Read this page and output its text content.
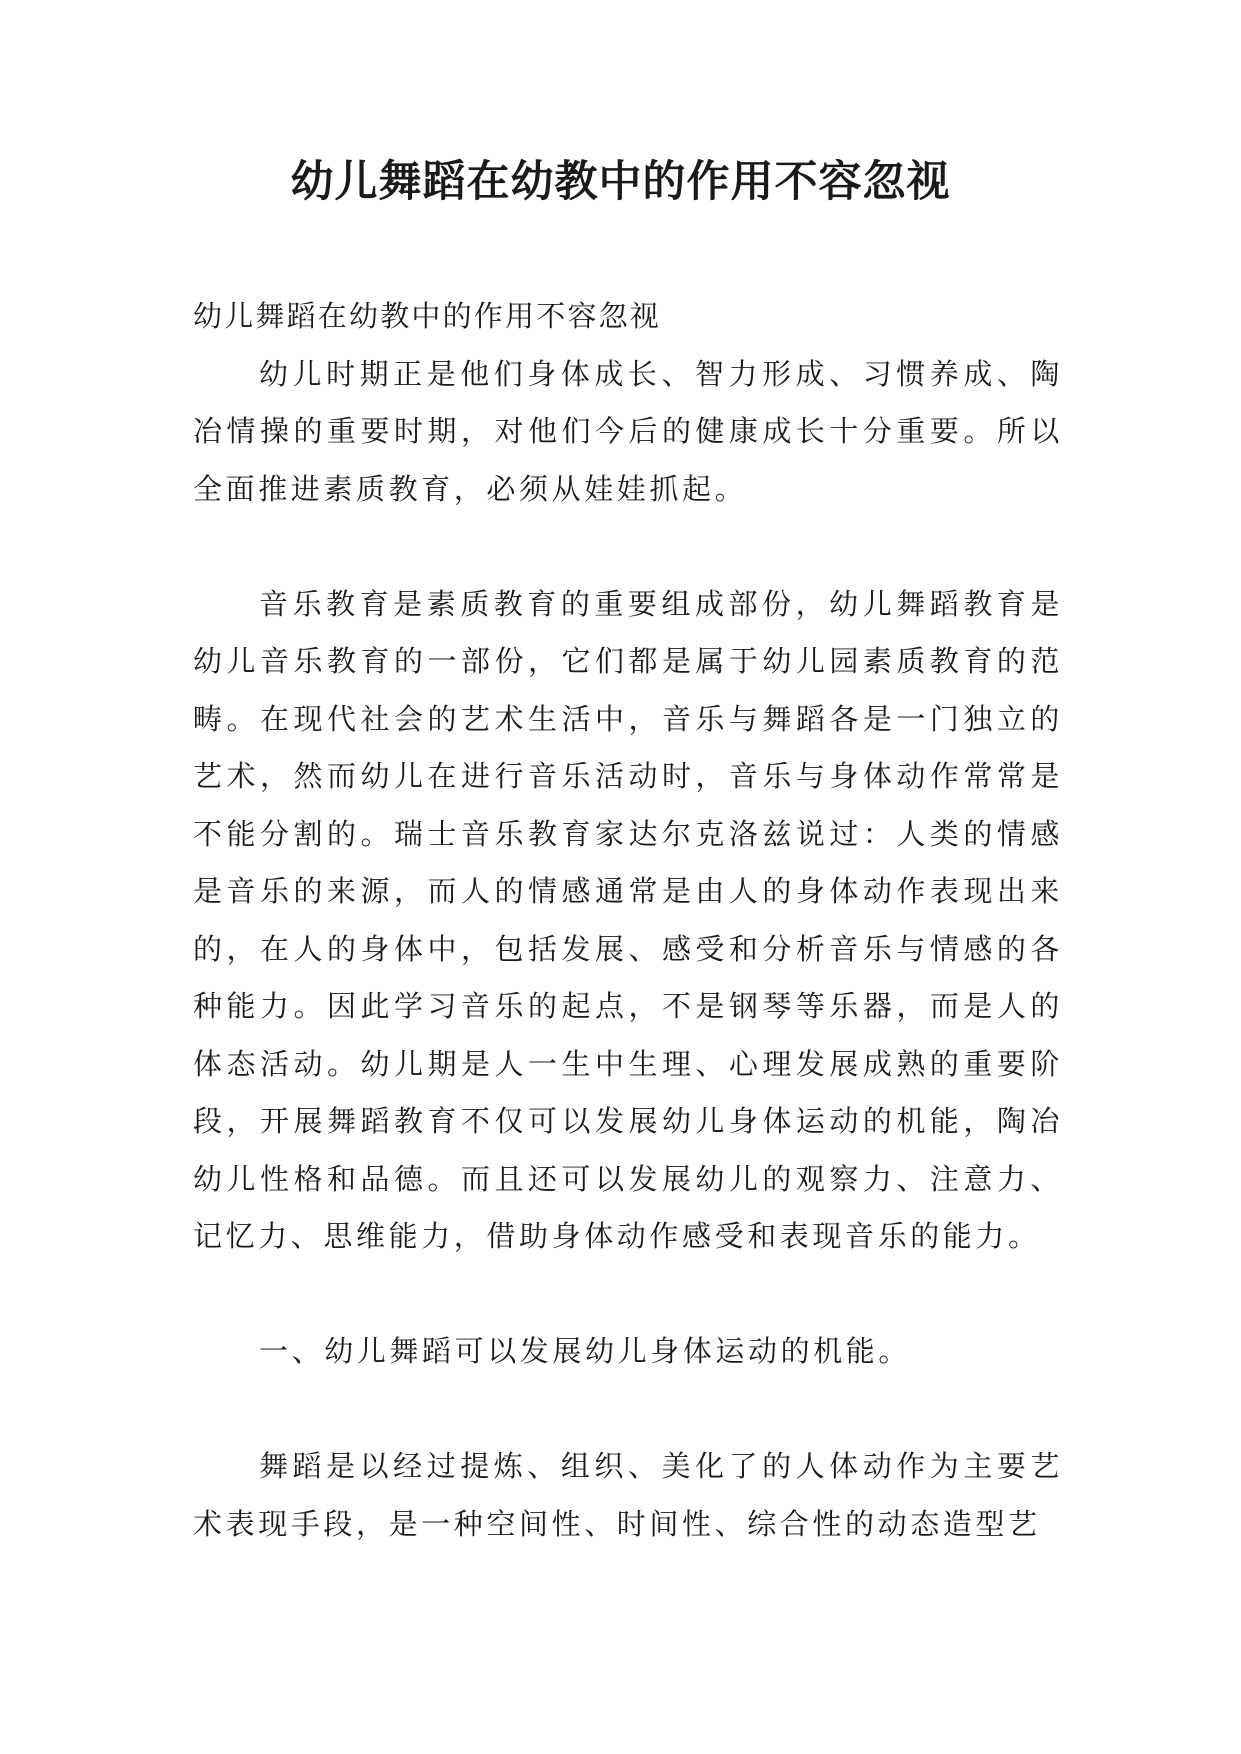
幼儿舞蹈在幼教中的作用不容忽视

幼儿舞蹈在幼教中的作用不容忽视

幼儿时期正是他们身体成长、智力形成、习惯养成、陶冶情操的重要时期，对他们今后的健康成长十分重要。所以全面推进素质教育，必须从娃娃抓起。

音乐教育是素质教育的重要组成部份，幼儿舞蹈教育是幼儿音乐教育的一部份，它们都是属于幼儿园素质教育的范畴。在现代社会的艺术生活中，音乐与舞蹈各是一门独立的艺术，然而幼儿在进行音乐活动时，音乐与身体动作常常是不能分割的。瑞士音乐教育家达尔克洛兹说过：人类的情感是音乐的来源，而人的情感通常是由人的身体动作表现出来的，在人的身体中，包括发展、感受和分析音乐与情感的各种能力。因此学习音乐的起点，不是钢琴等乐器，而是人的体态活动。幼儿期是人一生中生理、心理发展成熟的重要阶段，开展舞蹈教育不仅可以发展幼儿身体运动的机能，陶冶幼儿性格和品德。而且还可以发展幼儿的观察力、注意力、记忆力、思维能力，借助身体动作感受和表现音乐的能力。

一、幼儿舞蹈可以发展幼儿身体运动的机能。

舞蹈是以经过提炼、组织、美化了的人体动作为主要艺术表现手段，是一种空间性、时间性、综合性的动态造型艺
